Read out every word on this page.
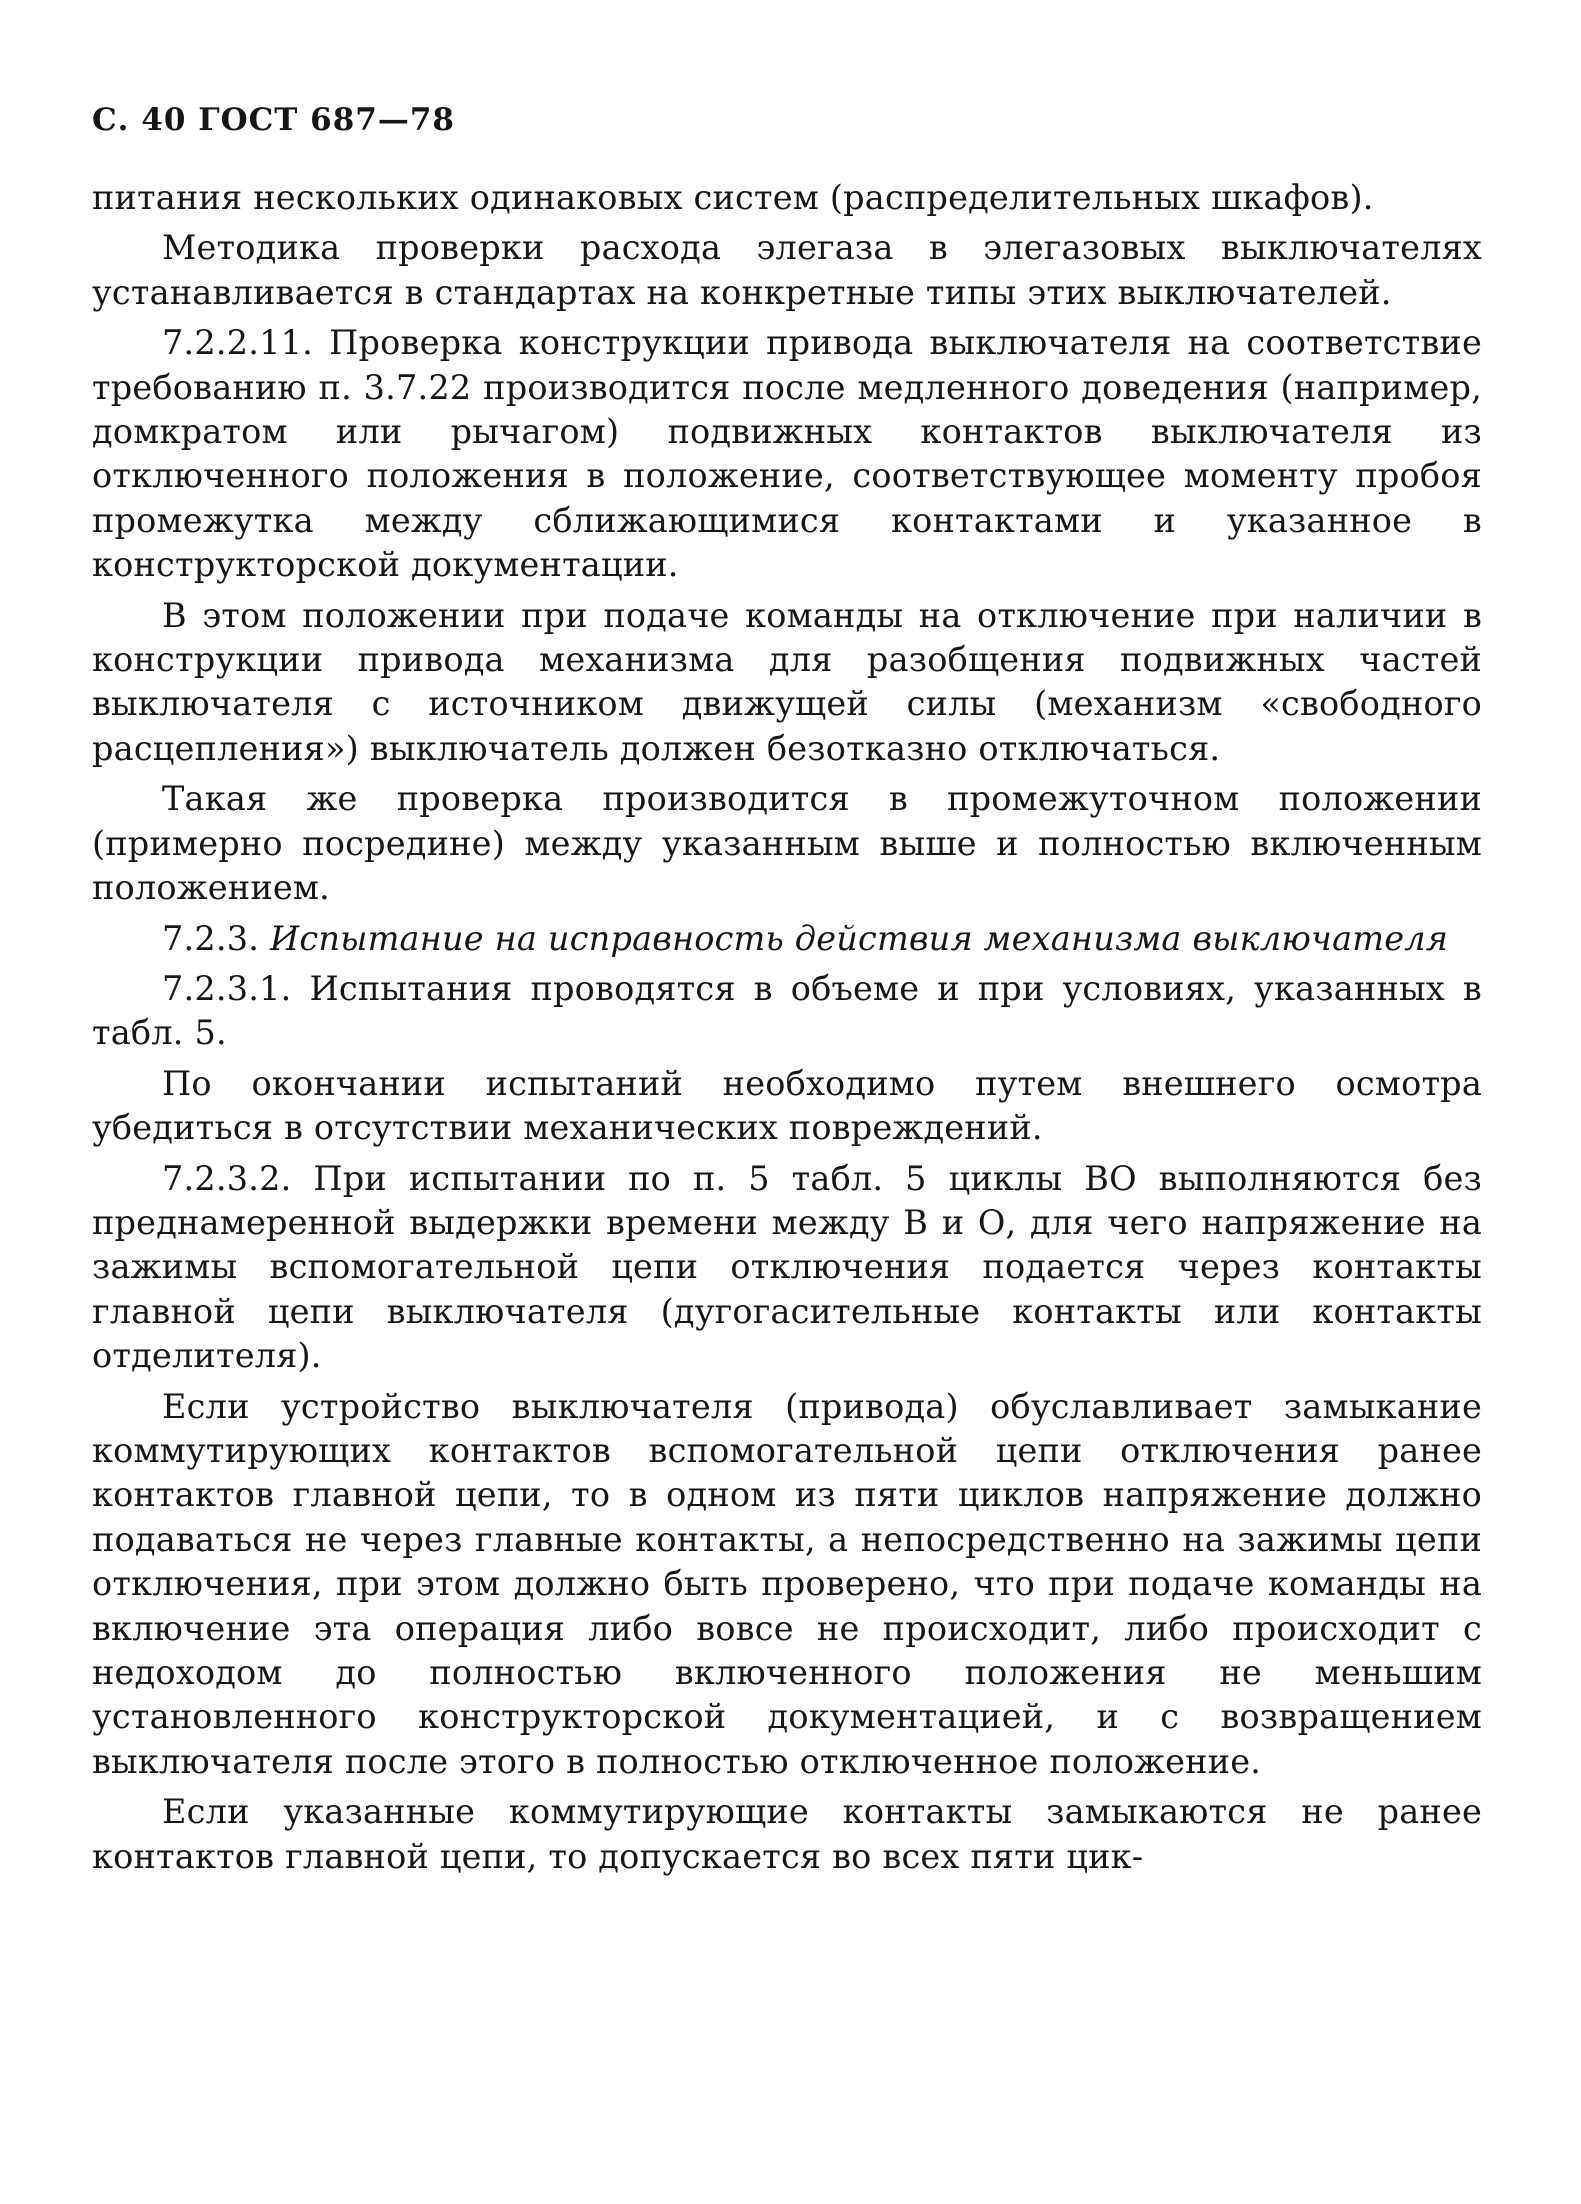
С. 40 ГОСТ 687—78

питания нескольких одинаковых систем (распределительных шкафов).

Методика проверки расхода элегаза в элегазовых выключателях устанавливается в стандартах на конкретные типы этих выключателей.

7.2.2.11. Проверка конструкции привода выключателя на соответствие требованию п. 3.7.22 производится после медленного доведения (например, домкратом или рычагом) подвижных контактов выключателя из отключенного положения в положение, соответствующее моменту пробоя промежутка между сближающимися контактами и указанное в конструкторской документации.

В этом положении при подаче команды на отключение при наличии в конструкции привода механизма для разобщения подвижных частей выключателя с источником движущей силы (механизм «свободного расцепления») выключатель должен безотказно отключаться.

Такая же проверка производится в промежуточном положении (примерно посредине) между указанным выше и полностью включенным положением.

7.2.3. Испытание на исправность действия механизма выключателя

7.2.3.1. Испытания проводятся в объеме и при условиях, указанных в табл. 5.

По окончании испытаний необходимо путем внешнего осмотра убедиться в отсутствии механических повреждений.

7.2.3.2. При испытании по п. 5 табл. 5 циклы ВО выполняются без преднамеренной выдержки времени между В и О, для чего напряжение на зажимы вспомогательной цепи отключения подается через контакты главной цепи выключателя (дугогасительные контакты или контакты отделителя).

Если устройство выключателя (привода) обуславливает замыкание коммутирующих контактов вспомогательной цепи отключения ранее контактов главной цепи, то в одном из пяти циклов напряжение должно подаваться не через главные контакты, а непосредственно на зажимы цепи отключения, при этом должно быть проверено, что при подаче команды на включение эта операция либо вовсе не происходит, либо происходит с недоходом до полностью включенного положения не меньшим установленного конструкторской документацией, и с возвращением выключателя после этого в полностью отключенное положение.

Если указанные коммутирующие контакты замыкаются не ранее контактов главной цепи, то допускается во всех пяти цик-
